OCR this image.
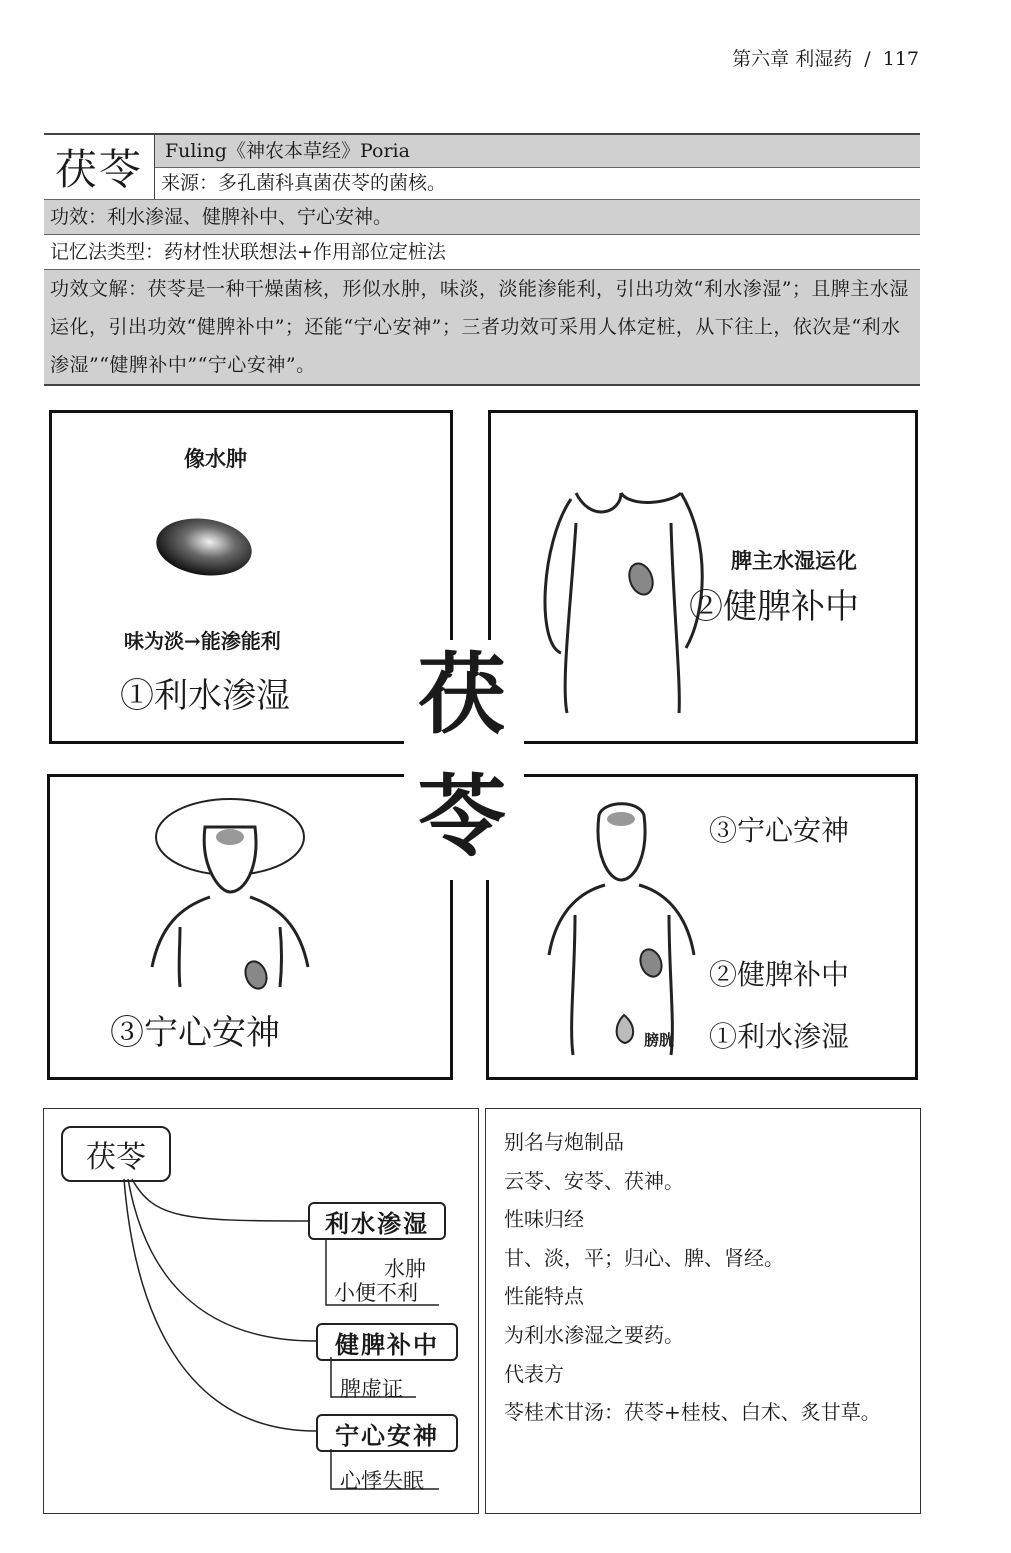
第六章 利湿药 / 117
茯苓	Fuling《神农本草经》Poria
来源：多孔菌科真菌茯苓的菌核。
功效：利水渗湿、健脾补中、宁心安神。
记忆法类型：药材性状联想法+作用部位定桩法
功效文解：茯苓是一种干燥菌核，形似水肿，味淡，淡能渗能利，引出功效“利水渗湿”；且脾主水湿运化，引出功效“健脾补中”；还能“宁心安神”；三者功效可采用人体定桩，从下往上，依次是“利水渗湿”“健脾补中”“宁心安神”。
像水肿
味为淡→能渗能利
①利水渗湿
脾主水湿运化
②健脾补中
③宁心安神
③宁心安神
②健脾补中
膀胱 ①利水渗湿
茯
苓
茯苓
利水渗湿
水肿
小便不利
健脾补中
脾虚证
宁心安神
心悸失眠
别名与炮制品
云苓、安苓、茯神。
性味归经
甘、淡，平；归心、脾、肾经。
性能特点
为利水渗湿之要药。
代表方
苓桂术甘汤：茯苓+桂枝、白术、炙甘草。
